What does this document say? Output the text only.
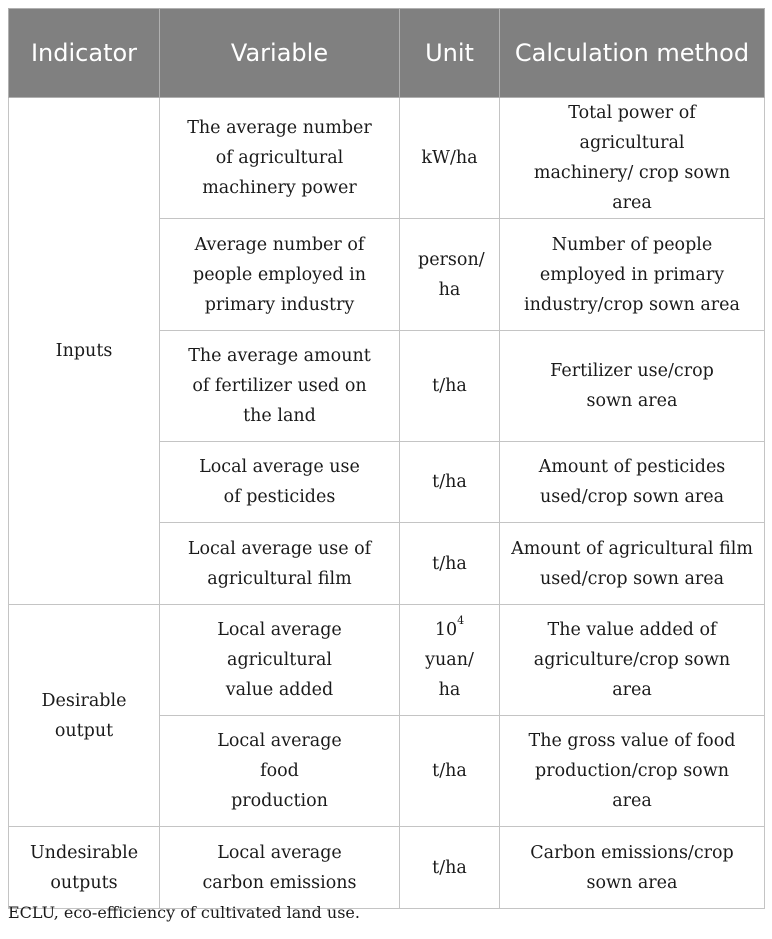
Indicator	Variable	Unit	Calculation method
Inputs	The average number of agricultural machinery power	kW/ha	Total power of agricultural machinery/ crop sown area
	Average number of people employed in primary industry	person/ ha	Number of people employed in primary industry/crop sown area
	The average amount of fertilizer used on the land	t/ha	Fertilizer use/crop sown area
	Local average use of pesticides	t/ha	Amount of pesticides used/crop sown area
	Local average use of agricultural film	t/ha	Amount of agricultural film used/crop sown area
Desirable output	Local average agricultural value added	$10^4$ yuan/ ha	The value added of agriculture/crop sown area
	Local average food production	t/ha	The gross value of food production/crop sown area
Undesirable outputs	Local average carbon emissions	t/ha	Carbon emissions/crop sown area
ECLU, eco-efficiency of cultivated land use.
